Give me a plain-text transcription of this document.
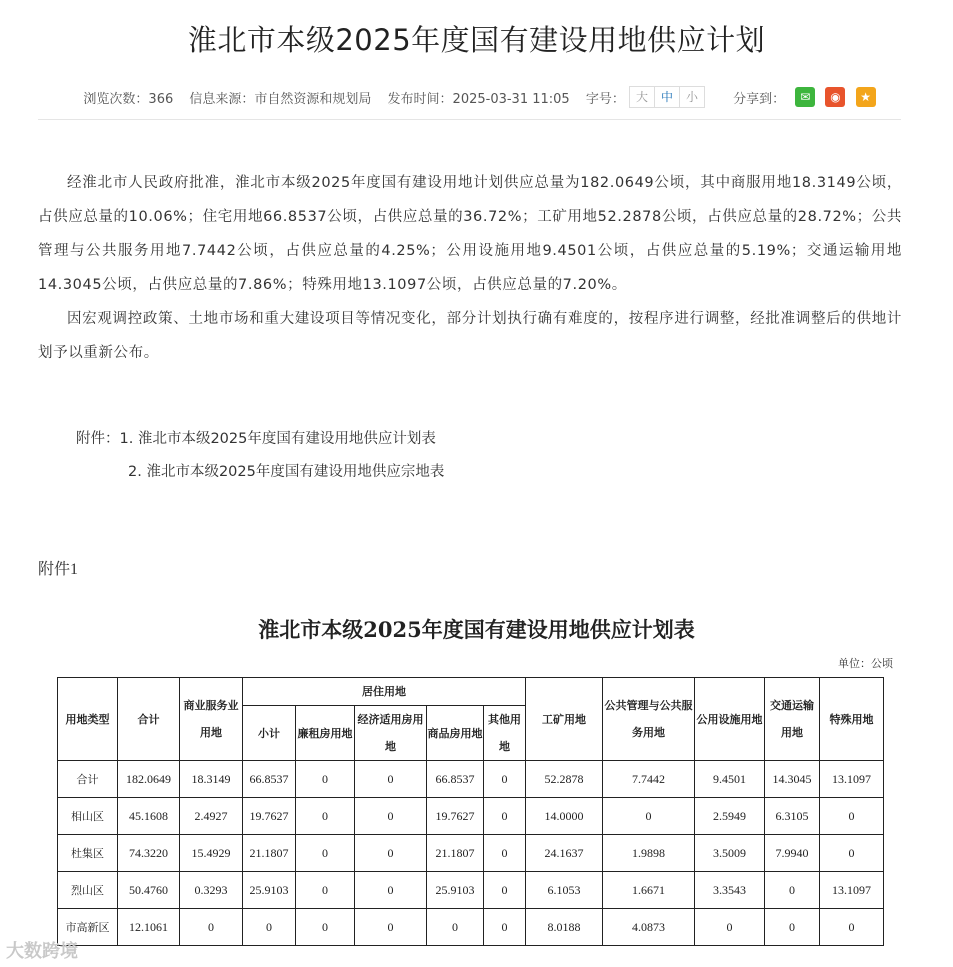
淮北市本级2025年度国有建设用地供应计划
浏览次数：366 信息来源：市自然资源和规划局 发布时间：2025-03-31 11:05 字号： 大 中 小	分享到： ✉ ◉ ★

经淮北市人民政府批准，淮北市本级2025年度国有建设用地计划供应总量为182.0649公顷，其中商服用地18.3149公顷，占供应总量的10.06%；住宅用地66.8537公顷，占供应总量的36.72%；工矿用地52.2878公顷，占供应总量的28.72%；公共管理与公共服务用地7.7442公顷，占供应总量的4.25%；公用设施用地9.4501公顷，占供应总量的5.19%；交通运输用地14.3045公顷，占供应总量的7.86%；特殊用地13.1097公顷，占供应总量的7.20%。

因宏观调控政策、土地市场和重大建设项目等情况变化，部分计划执行确有难度的，按程序进行调整，经批准调整后的供地计划予以重新公布。

附件：1. 淮北市本级2025年度国有建设用地供应计划表
2. 淮北市本级2025年度国有建设用地供应宗地表
附件1
淮北市本级2025年度国有建设用地供应计划表
单位：公顷
用地类型	合计	商业服务业用地	居住用地					工矿用地	公共管理与公共服务用地	公用设施用地	交通运输用地	特殊用地
			小计	廉租房用地	经济适用房用地	商品房用地	其他用地					
合计	182.0649	18.3149	66.8537	0	0	66.8537	0	52.2878	7.7442	9.4501	14.3045	13.1097
相山区	45.1608	2.4927	19.7627	0	0	19.7627	0	14.0000	0	2.5949	6.3105	0
杜集区	74.3220	15.4929	21.1807	0	0	21.1807	0	24.1637	1.9898	3.5009	7.9940	0
烈山区	50.4760	0.3293	25.9103	0	0	25.9103	0	6.1053	1.6671	3.3543	0	13.1097
市高新区	12.1061	0	0	0	0	0	0	8.0188	4.0873	0	0	0
大数跨境
